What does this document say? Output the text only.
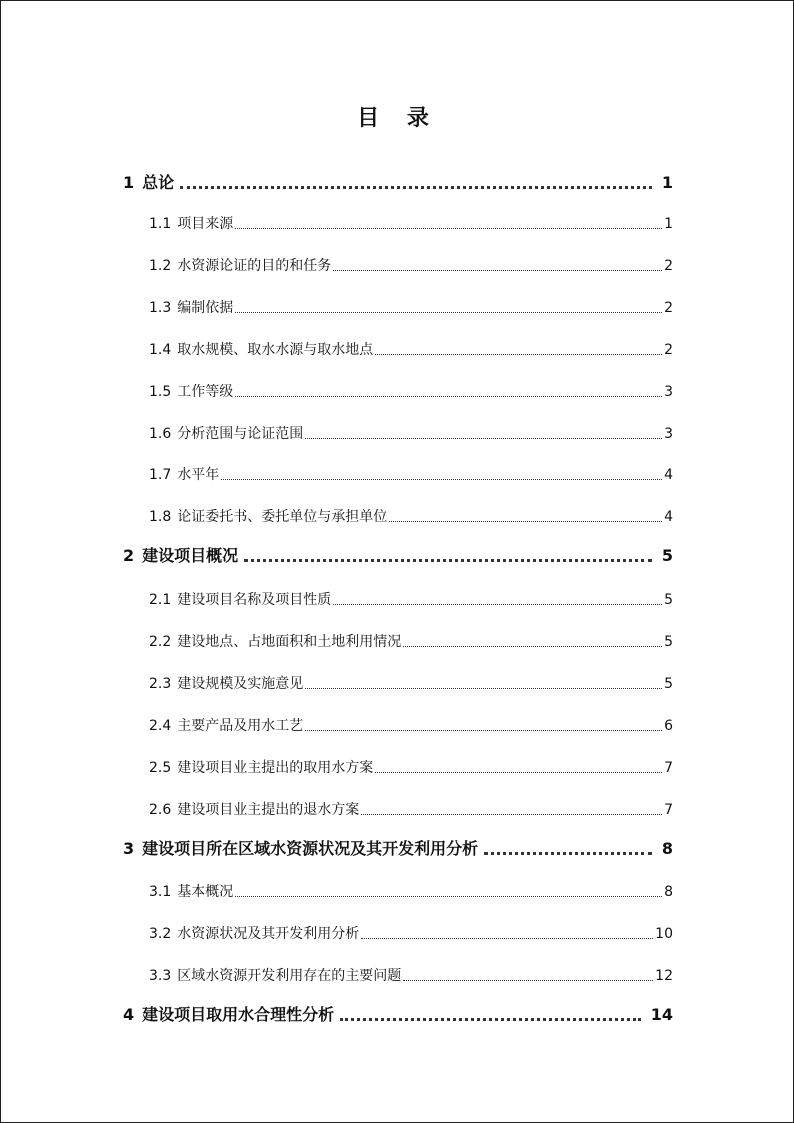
目 录
1 总论	1
1.1 项目来源	1
1.2 水资源论证的目的和任务	2
1.3 编制依据	2
1.4 取水规模、取水水源与取水地点	2
1.5 工作等级	3
1.6 分析范围与论证范围	3
1.7 水平年	4
1.8 论证委托书、委托单位与承担单位	4
2 建设项目概况	5
2.1 建设项目名称及项目性质	5
2.2 建设地点、占地面积和土地利用情况	5
2.3 建设规模及实施意见	5
2.4 主要产品及用水工艺	6
2.5 建设项目业主提出的取用水方案	7
2.6 建设项目业主提出的退水方案	7
3 建设项目所在区域水资源状况及其开发利用分析	8
3.1 基本概况	8
3.2 水资源状况及其开发利用分析	10
3.3 区域水资源开发利用存在的主要问题	12
4 建设项目取用水合理性分析	14
